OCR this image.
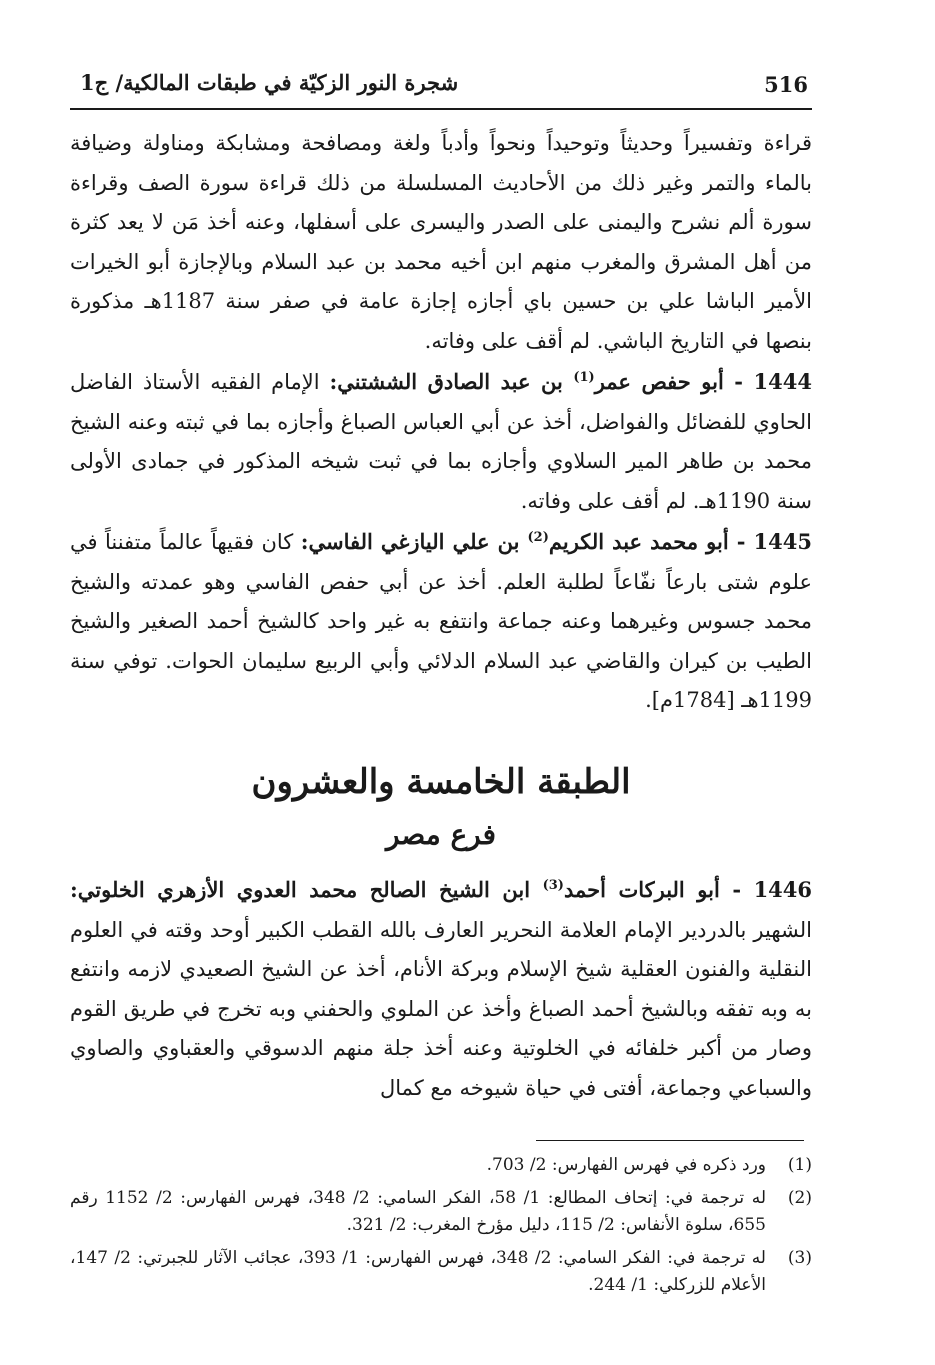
516
شجرة النور الزكيّة في طبقات المالكية/ ج1

قراءة وتفسيراً وحديثاً وتوحيداً ونحواً وأدباً ولغة ومصافحة ومشابكة ومناولة وضيافة بالماء والتمر وغير ذلك من الأحاديث المسلسلة من ذلك قراءة سورة الصف وقراءة سورة ألم نشرح واليمنى على الصدر واليسرى على أسفلها، وعنه أخذ مَن لا يعد كثرة من أهل المشرق والمغرب منهم ابن أخيه محمد بن عبد السلام وبالإجازة أبو الخيرات الأمير الباشا علي بن حسين باي أجازه إجازة عامة في صفر سنة 1187هـ مذكورة بنصها في التاريخ الباشي. لم أقف على وفاته.

1444 - أبو حفص عمر$^{(1)}$ بن عبد الصادق الششتني: الإمام الفقيه الأستاذ الفاضل الحاوي للفضائل والفواضل، أخذ عن أبي العباس الصباغ وأجازه بما في ثبته وعنه الشيخ محمد بن طاهر المير السلاوي وأجازه بما في ثبت شيخه المذكور في جمادى الأولى سنة 1190هـ. لم أقف على وفاته.

1445 - أبو محمد عبد الكريم$^{(2)}$ بن علي اليازغي الفاسي: كان فقيهاً عالماً متفنناً في علوم شتى بارعاً نفّاعاً لطلبة العلم. أخذ عن أبي حفص الفاسي وهو عمدته والشيخ محمد جسوس وغيرهما وعنه جماعة وانتفع به غير واحد كالشيخ أحمد الصغير والشيخ الطيب بن كيران والقاضي عبد السلام الدلائي وأبي الربيع سليمان الحوات. توفي سنة 1199هـ [1784م].

الطبقة الخامسة والعشرون
فرع مصر

1446 - أبو البركات أحمد$^{(3)}$ ابن الشيخ الصالح محمد العدوي الأزهري الخلوتي: الشهير بالدردير الإمام العلامة النحرير العارف بالله القطب الكبير أوحد وقته في العلوم النقلية والفنون العقلية شيخ الإسلام وبركة الأنام، أخذ عن الشيخ الصعيدي لازمه وانتفع به وبه تفقه وبالشيخ أحمد الصباغ وأخذ عن الملوي والحفني وبه تخرج في طريق القوم وصار من أكبر خلفائه في الخلوتية وعنه أخذ جلة منهم الدسوقي والعقباوي والصاوي والسباعي وجماعة، أفتى في حياة شيوخه مع كمال

(1)
ورد ذكره في فهرس الفهارس: 2/ 703.
(2)
له ترجمة في: إتحاف المطالع: 1/ 58، الفكر السامي: 2/ 348، فهرس الفهارس: 2/ 1152 رقم 655، سلوة الأنفاس: 2/ 115، دليل مؤرخ المغرب: 2/ 321.
(3)
له ترجمة في: الفكر السامي: 2/ 348، فهرس الفهارس: 1/ 393، عجائب الآثار للجبرتي: 2/ 147، الأعلام للزركلي: 1/ 244.
